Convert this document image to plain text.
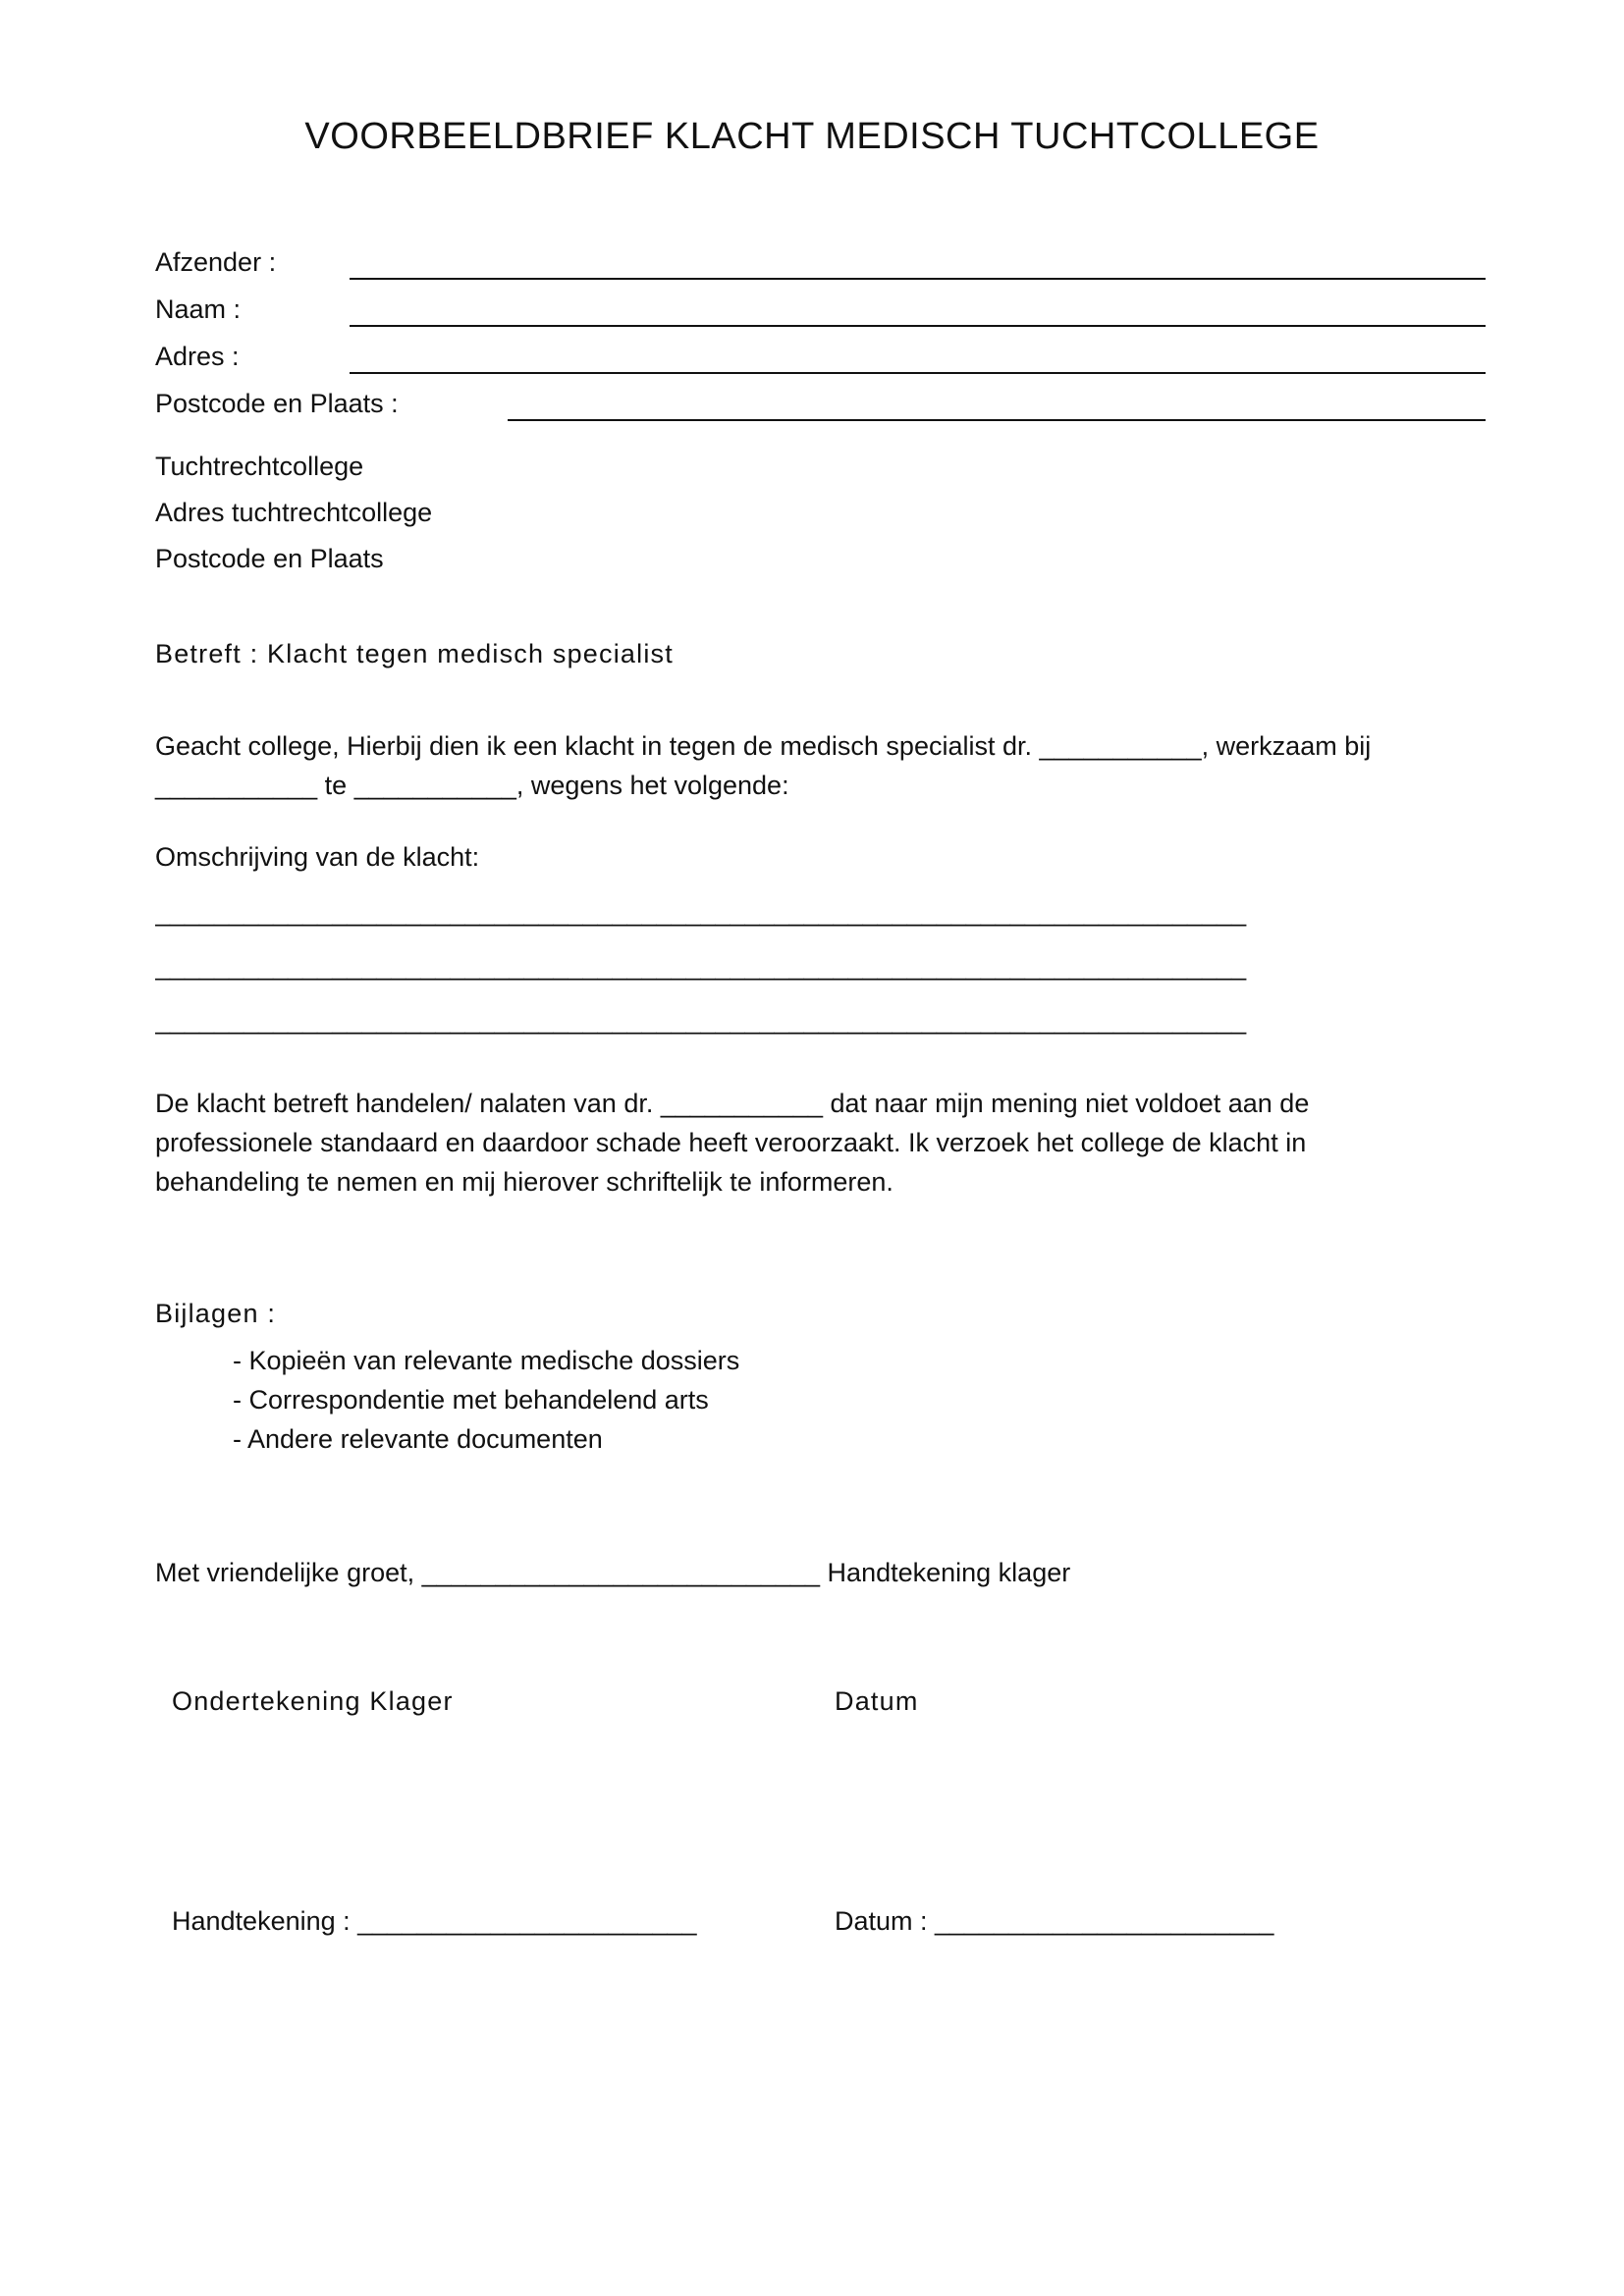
VOORBEELDBRIEF KLACHT MEDISCH TUCHTCOLLEGE
Afzender :
Naam :
Adres :
Postcode en Plaats :
Tuchtrechtcollege
Adres tuchtrechtcollege
Postcode en Plaats
Betreft : Klacht tegen medisch specialist
Geacht college, Hierbij dien ik een klacht in tegen de medisch specialist dr. ___________, werkzaam bij
___________ te ___________, wegens het volgende:
Omschrijving van de klacht:
__________________________________________________________________________
__________________________________________________________________________
__________________________________________________________________________
De klacht betreft handelen/ nalaten van dr. ___________ dat naar mijn mening niet voldoet aan de
professionele standaard en daardoor schade heeft veroorzaakt. Ik verzoek het college de klacht in
behandeling te nemen en mij hierover schriftelijk te informeren.
Bijlagen :
- Kopieën van relevante medische dossiers
- Correspondentie met behandelend arts
- Andere relevante documenten
Met vriendelijke groet, ___________________________ Handtekening klager
Ondertekening Klager	Datum
Handtekening : _______________________	Datum : _______________________
